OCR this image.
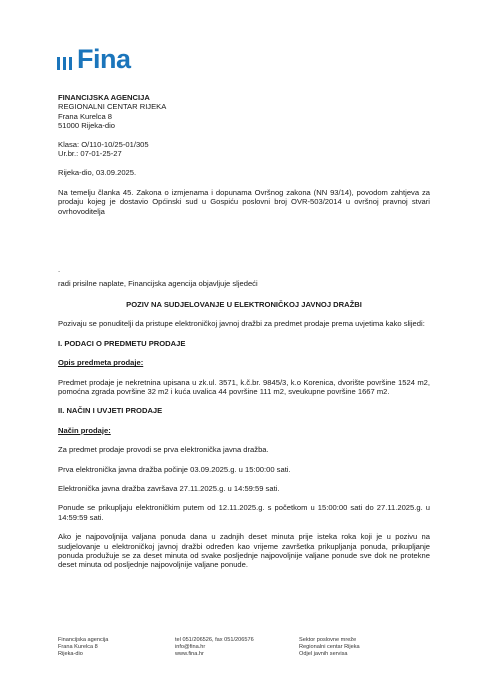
Fina

FINANCIJSKA AGENCIJA

REGIONALNI CENTAR RIJEKA

Frana Kurelca 8

51000 Rijeka-dio

Klasa: O/110-10/25-01/305

Ur.br.: 07-01-25-27

Rijeka-dio, 03.09.2025.

Na temelju članka 45. Zakona o izmjenama i dopunama Ovršnog zakona (NN 93/14), povodom zahtjeva za prodaju kojeg je dostavio Općinski sud u Gospiću poslovni broj OVR-503/2014 u ovršnoj pravnoj stvari ovrhovoditelja

.

radi prisilne naplate, Financijska agencija objavljuje sljedeći

POZIV NA SUDJELOVANJE U ELEKTRONIČKOJ JAVNOJ DRAŽBI

Pozivaju se ponuditelji da pristupe elektroničkoj javnoj dražbi za predmet prodaje prema uvjetima kako slijedi:

I. PODACI O PREDMETU PRODAJE

Opis predmeta prodaje:

Predmet prodaje je nekretnina upisana u zk.ul. 3571, k.č.br. 9845/3, k.o Korenica, dvorište površine 1524 m2, pomoćna zgrada površine 32 m2 i kuća uvalica 44 površine 111 m2, sveukupne površine 1667 m2.

II. NAČIN I UVJETI PRODAJE

Način prodaje:

Za predmet prodaje provodi se prva elektronička javna dražba.

Prva elektronička javna dražba počinje 03.09.2025.g. u 15:00:00 sati.

Elektronička javna dražba završava 27.11.2025.g. u 14:59:59 sati.

Ponude se prikupljaju elektroničkim putem od 12.11.2025.g. s početkom u 15:00:00 sati do 27.11.2025.g. u 14:59:59 sati.

Ako je najpovoljnija valjana ponuda dana u zadnjih deset minuta prije isteka roka koji je u pozivu na sudjelovanje u elektroničkoj javnoj dražbi određen kao vrijeme završetka prikupljanja ponuda, prikupljanje ponuda produžuje se za deset minuta od svake posljednje najpovoljnije valjane ponude sve dok ne protekne deset minuta od posljednje najpovoljnije valjane ponude.

Financijska agencija
Frana Kurelca 8
Rijeka-dio
tel 051/206526, fax 051/206576
info@fina.hr
www.fina.hr
Sektor poslovne mreže
Regionalni centar Rijeka
Odjel javnih servisa
